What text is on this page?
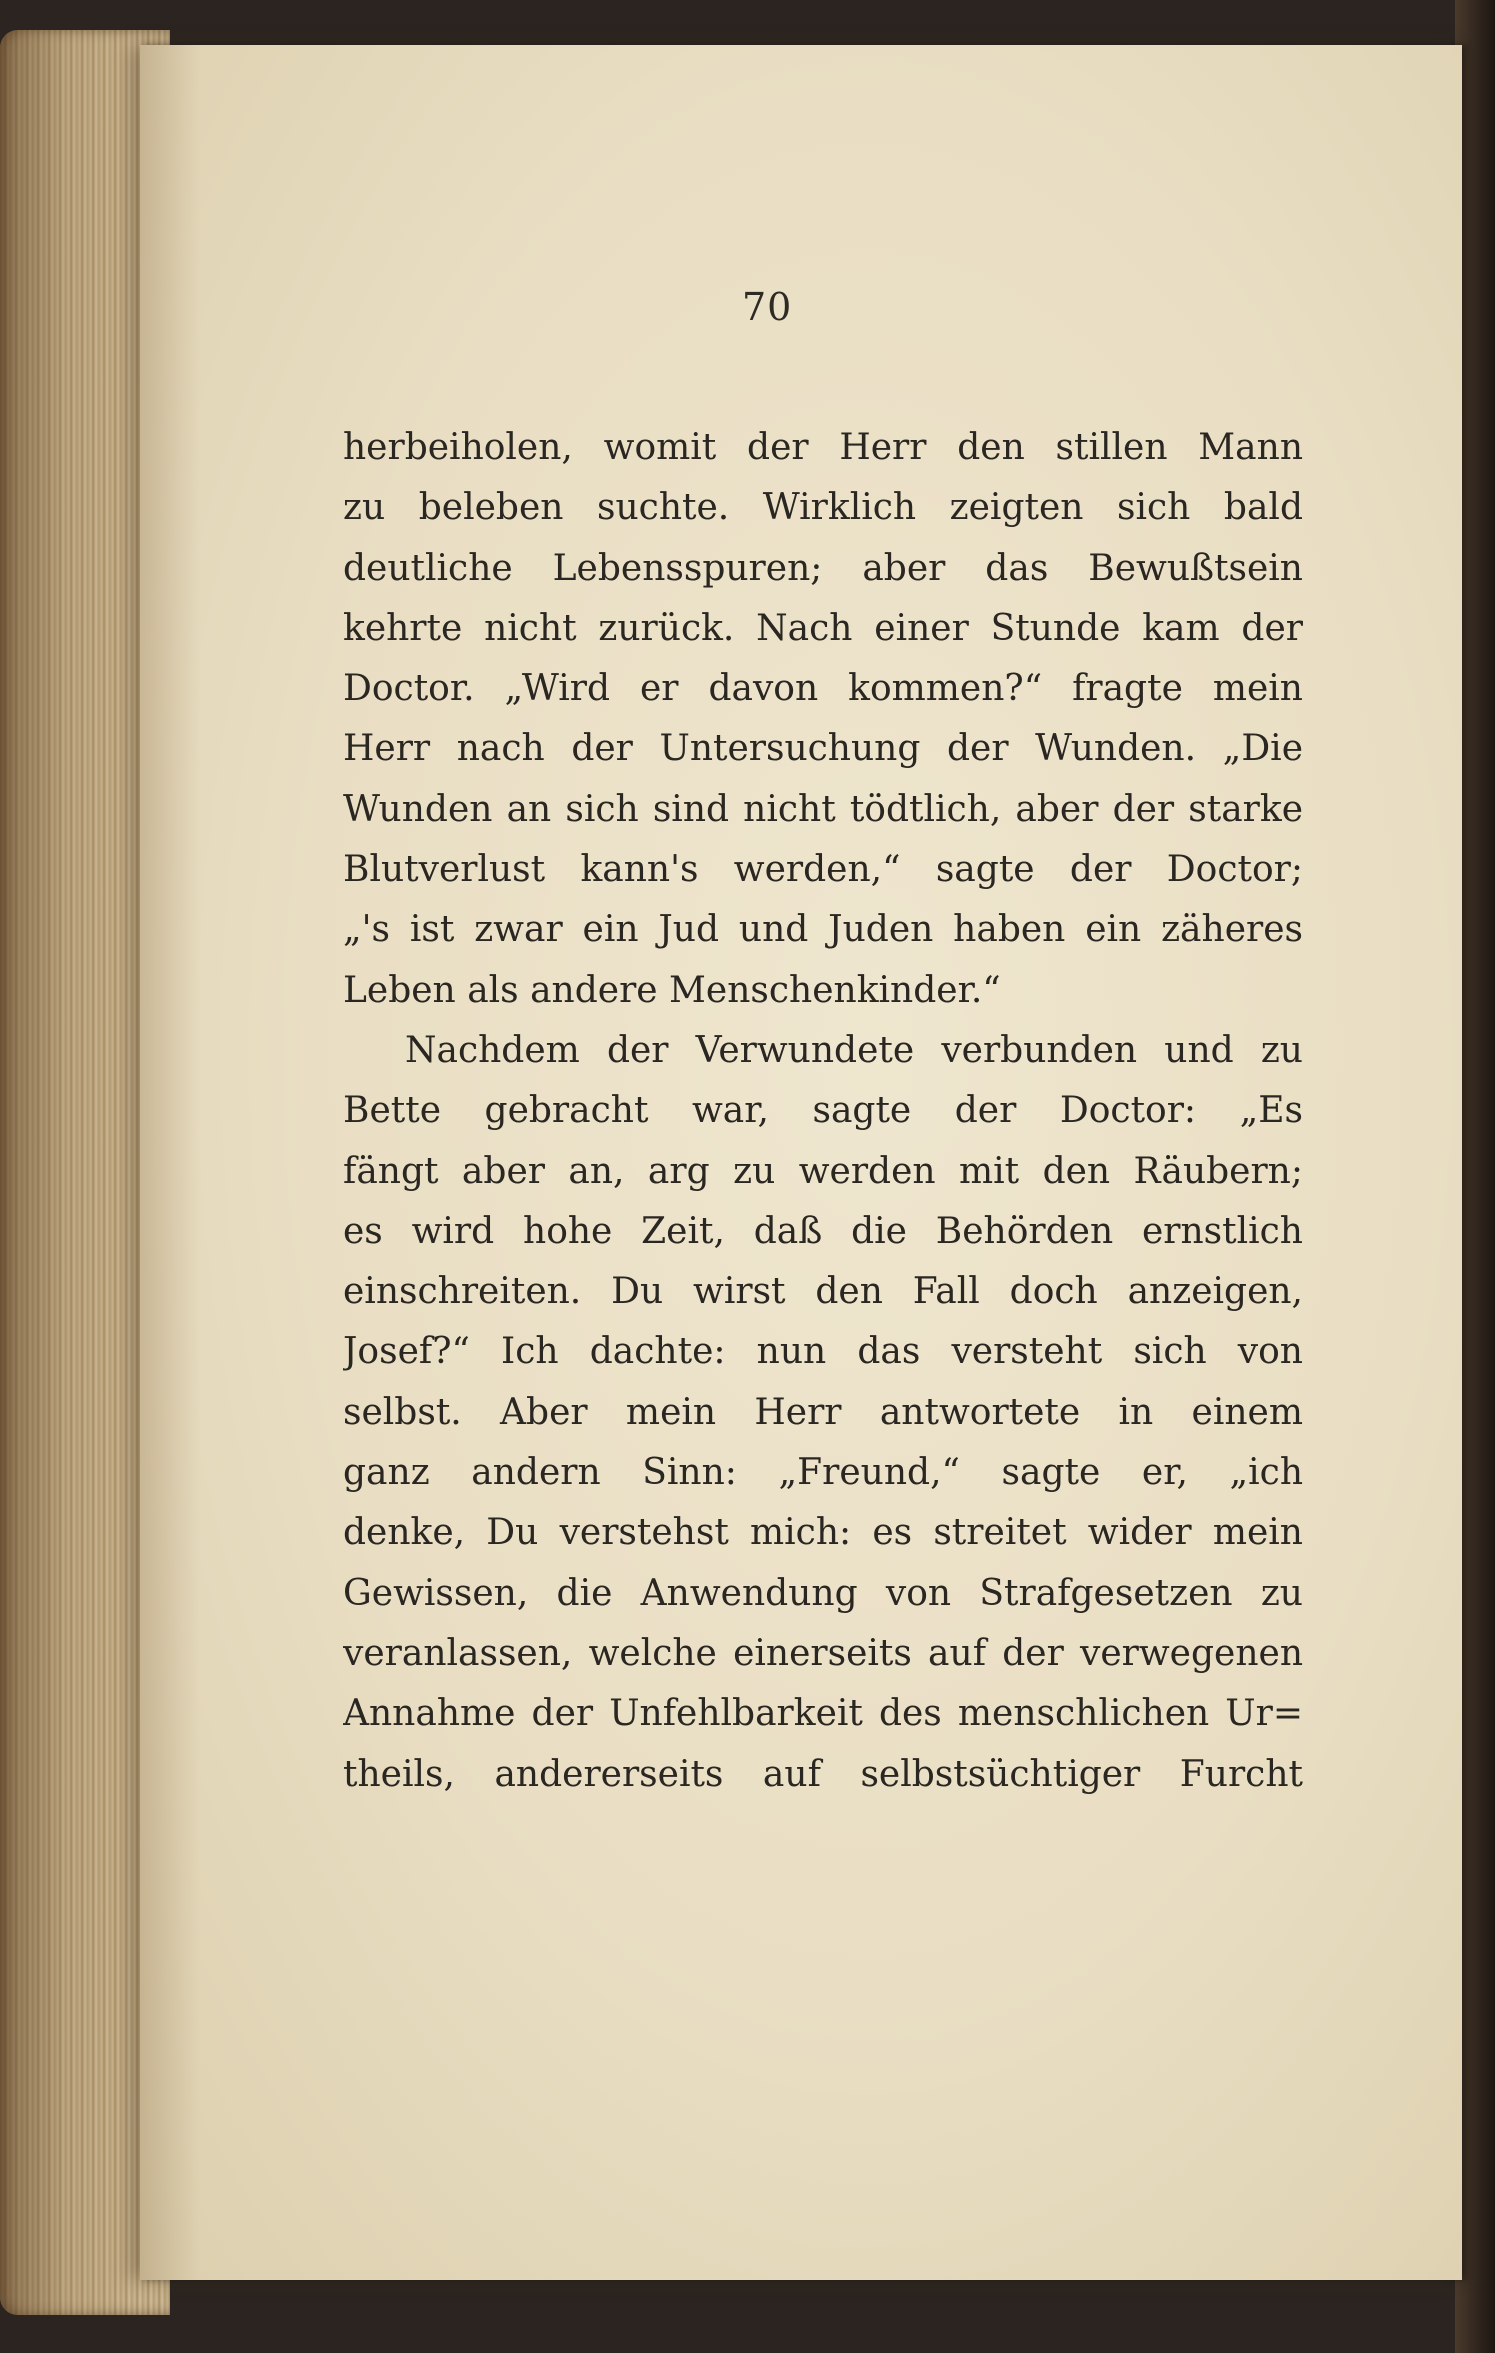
70
herbeiholen, womit der Herr den stillen Mann
zu beleben suchte. Wirklich zeigten sich bald
deutliche Lebensspuren; aber das Bewußtsein
kehrte nicht zurück. Nach einer Stunde kam der
Doctor. „Wird er davon kommen?“ fragte mein
Herr nach der Untersuchung der Wunden. „Die
Wunden an sich sind nicht tödtlich, aber der starke
Blutverlust kann's werden,“ sagte der Doctor;
„'s ist zwar ein Jud und Juden haben ein zäheres
Leben als andere Menschenkinder.“
Nachdem der Verwundete verbunden und zu
Bette gebracht war, sagte der Doctor: „Es
fängt aber an, arg zu werden mit den Räubern;
es wird hohe Zeit, daß die Behörden ernstlich
einschreiten. Du wirst den Fall doch anzeigen,
Josef?“ Ich dachte: nun das versteht sich von
selbst. Aber mein Herr antwortete in einem
ganz andern Sinn: „Freund,“ sagte er, „ich
denke, Du verstehst mich: es streitet wider mein
Gewissen, die Anwendung von Strafgesetzen zu
veranlassen, welche einerseits auf der verwegenen
Annahme der Unfehlbarkeit des menschlichen Ur=
theils, andererseits auf selbstsüchtiger Furcht
